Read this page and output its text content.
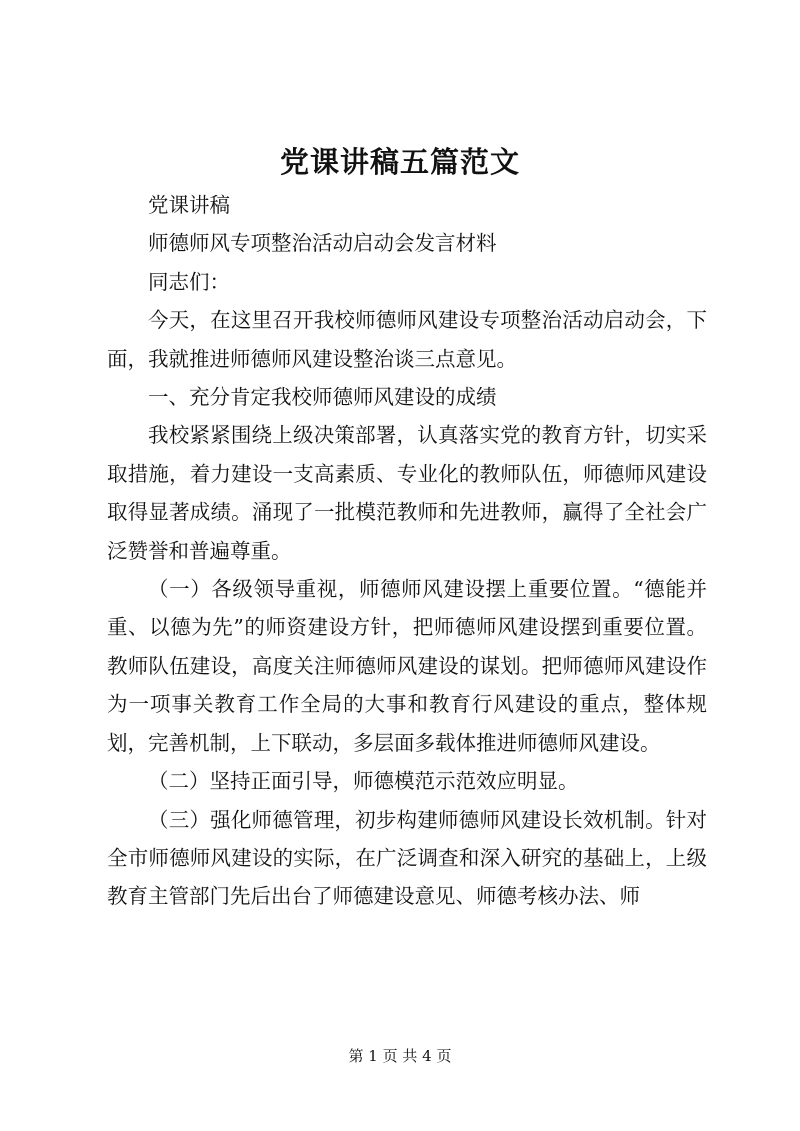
党课讲稿五篇范文

党课讲稿

师德师风专项整治活动启动会发言材料

同志们：

今天，在这里召开我校师德师风建设专项整治活动启动会，下面，我就推进师德师风建设整治谈三点意见。

一、充分肯定我校师德师风建设的成绩

我校紧紧围绕上级决策部署，认真落实党的教育方针，切实采取措施，着力建设一支高素质、专业化的教师队伍，师德师风建设取得显著成绩。涌现了一批模范教师和先进教师，赢得了全社会广泛赞誉和普遍尊重。

（一）各级领导重视，师德师风建设摆上重要位置。“德能并重、以德为先”的师资建设方针，把师德师风建设摆到重要位置。教师队伍建设，高度关注师德师风建设的谋划。把师德师风建设作为一项事关教育工作全局的大事和教育行风建设的重点，整体规划，完善机制，上下联动，多层面多载体推进师德师风建设。

（二）坚持正面引导，师德模范示范效应明显。

（三）强化师德管理，初步构建师德师风建设长效机制。针对全市师德师风建设的实际，在广泛调查和深入研究的基础上，上级教育主管部门先后出台了师德建设意见、师德考核办法、师

第 1 页 共 4 页
